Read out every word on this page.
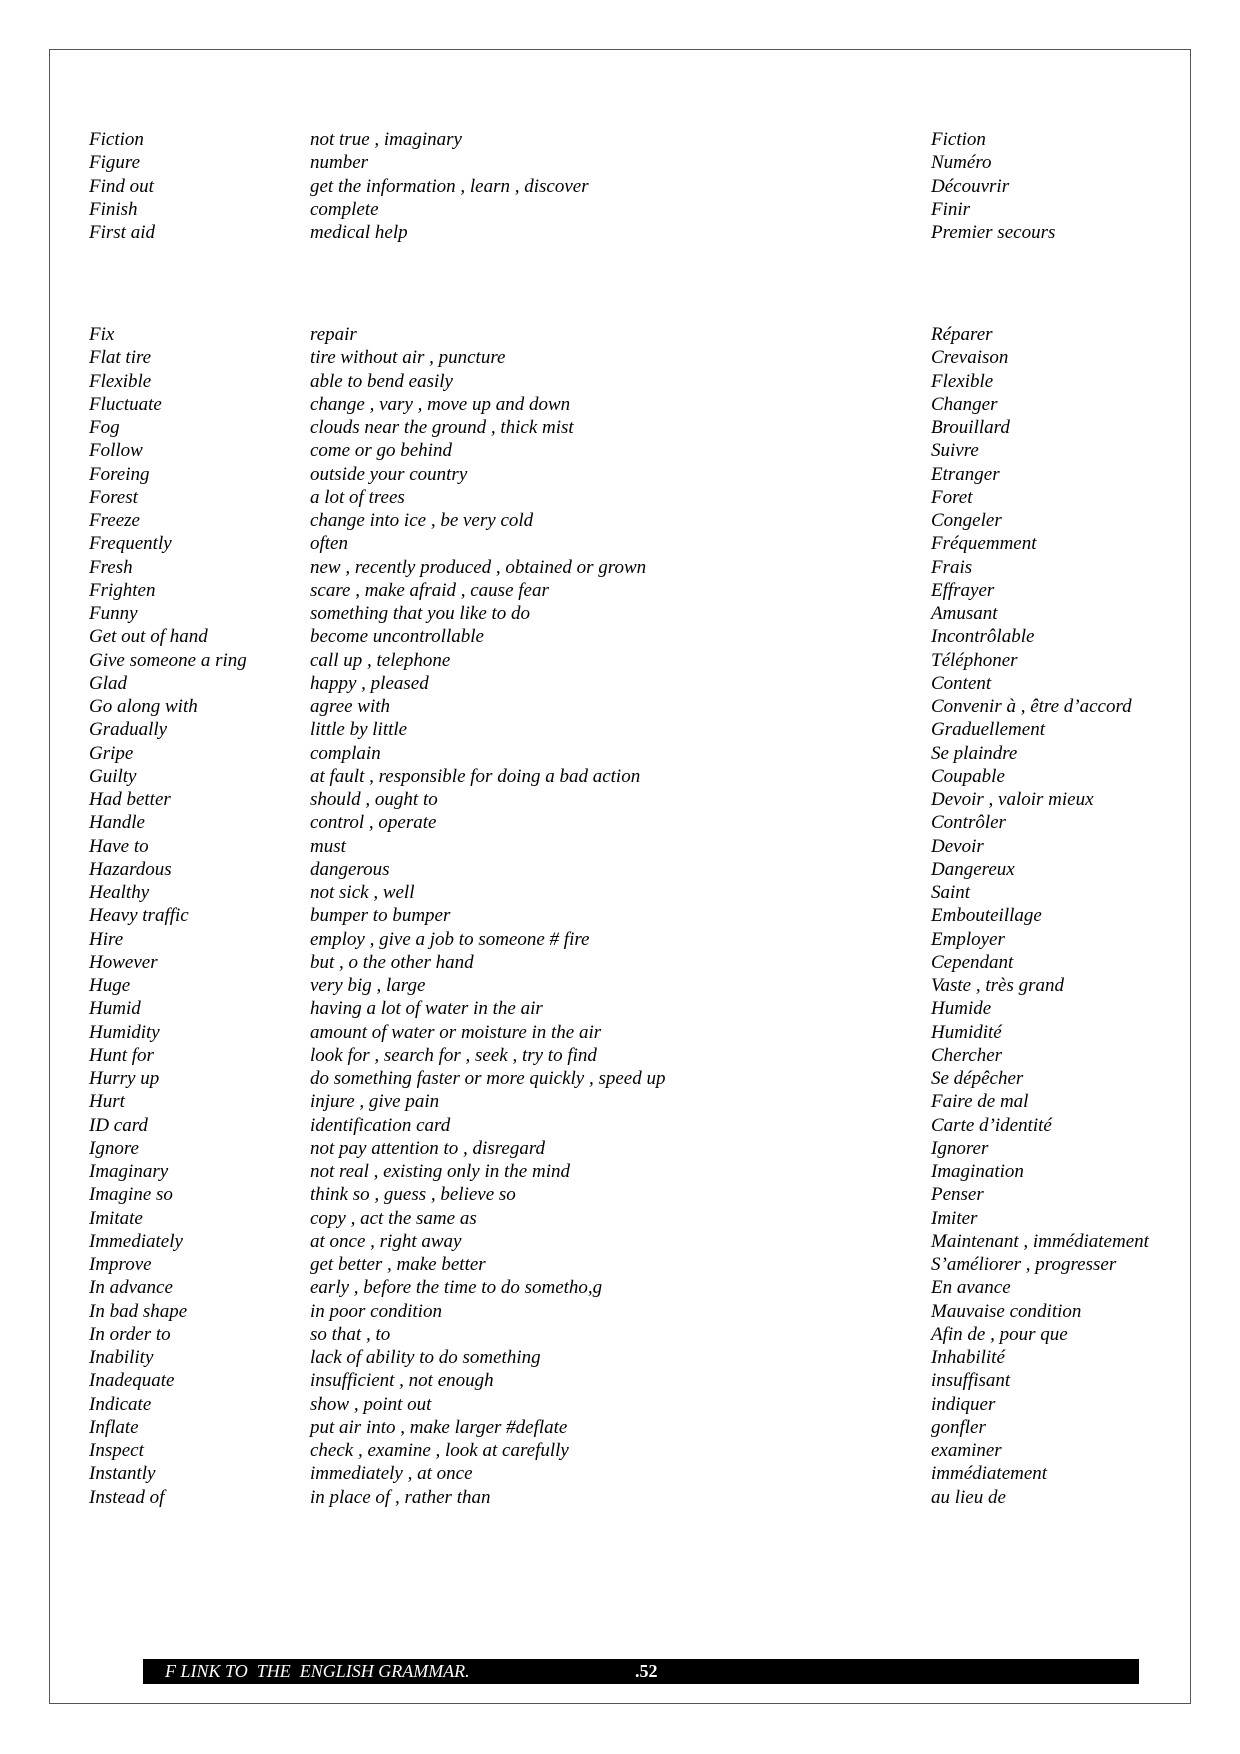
Fiction	not true , imaginary	Fiction
Figure	number	Numéro
Find out	get the information , learn , discover	Découvrir
Finish	complete	Finir
First aid	medical help	Premier secours
Fix	repair	Réparer
Flat tire	tire without air , puncture	Crevaison
Flexible	able to bend easily	Flexible
Fluctuate	change , vary , move up and down	Changer
Fog	clouds near the ground , thick mist	Brouillard
Follow	come or go behind	Suivre
Foreing	outside your country	Etranger
Forest	a lot of trees	Foret
Freeze	change into ice , be very cold	Congeler
Frequently	often	Fréquemment
Fresh	new , recently produced , obtained or grown	Frais
Frighten	scare , make afraid , cause fear	Effrayer
Funny	something that you like to do	Amusant
Get out of hand	become uncontrollable	Incontrôlable
Give someone a ring	call up , telephone	Téléphoner
Glad	happy , pleased	Content
Go along with	agree with	Convenir à , être d’accord
Gradually	little by little	Graduellement
Gripe	complain	Se plaindre
Guilty	at fault , responsible for doing a bad action	Coupable
Had better	should , ought to	Devoir , valoir mieux
Handle	control , operate	Contrôler
Have to	must	Devoir
Hazardous	dangerous	Dangereux
Healthy	not sick , well	Saint
Heavy traffic	bumper to bumper	Embouteillage
Hire	employ , give a job to someone # fire	Employer
However	but , o the other hand	Cependant
Huge	very big , large	Vaste , très grand
Humid	having a lot of water in the air	Humide
Humidity	amount of water or moisture in the air	Humidité
Hunt for	look for , search for , seek , try to find	Chercher
Hurry up	do something faster or more quickly , speed up	Se dépêcher
Hurt	injure , give pain	Faire de mal
ID card	identification card	Carte d’identité
Ignore	not pay attention to , disregard	Ignorer
Imaginary	not real , existing only in the mind	Imagination
Imagine so	think so , guess , believe so	Penser
Imitate	copy , act the same as	Imiter
Immediately	at once , right away	Maintenant , immédiatement
Improve	get better , make better	S’améliorer , progresser
In advance	early , before the time to do somethο,g	En avance
In bad shape	in poor condition	Mauvaise condition
In order to	so that , to	Afin de , pour que
Inability	lack of ability to do something	Inhabilité
Inadequate	insufficient , not enough	insuffisant
Indicate	show , point out	indiquer
Inflate	put air into , make larger #deflate	gonfler
Inspect	check , examine , look at carefully	examiner
Instantly	immediately , at once	immédiatement
Instead of	in place of , rather than	au lieu de
F LINK TO  THE  ENGLISH GRAMMAR.	.52
